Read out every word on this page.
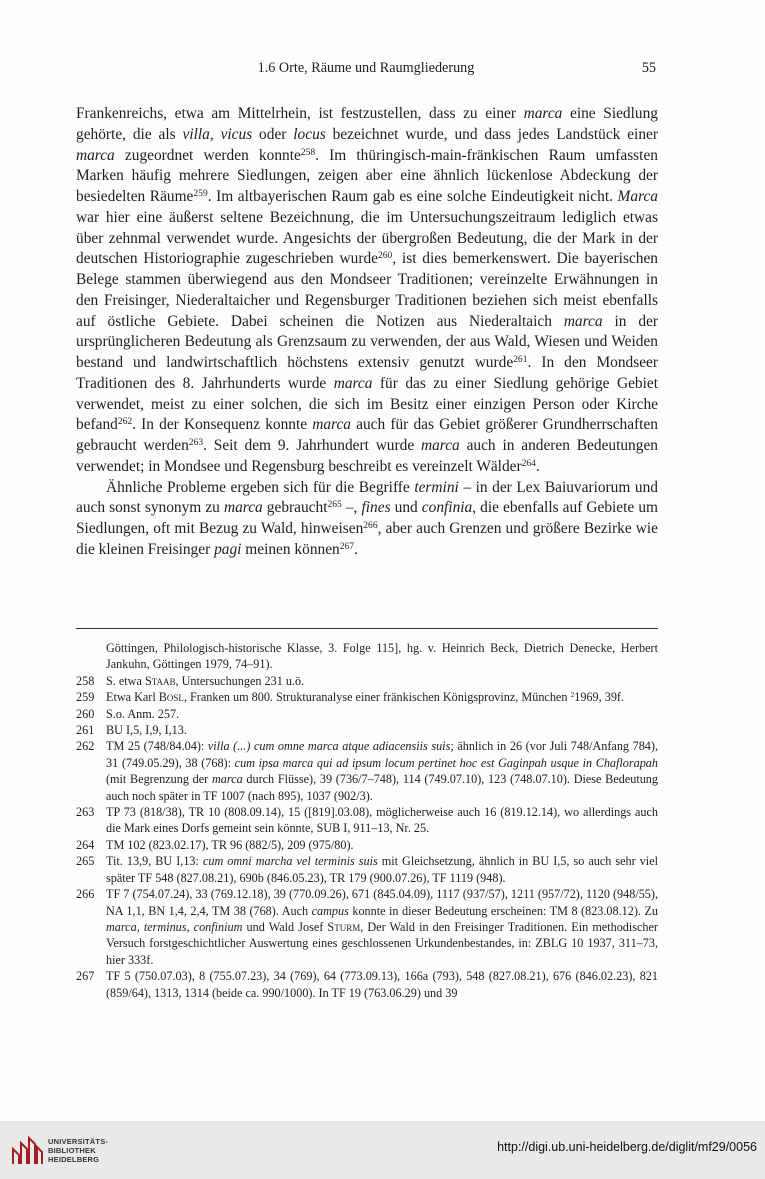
1.6 Orte, Räume und Raumgliederung	55

Frankenreichs, etwa am Mittelrhein, ist festzustellen, dass zu einer marca eine Siedlung gehörte, die als villa, vicus oder locus bezeichnet wurde, und dass jedes Landstück einer marca zugeordnet werden konnte$^{258}$. Im thüringisch-main-fränkischen Raum umfassten Marken häufig mehrere Siedlungen, zeigen aber eine ähnlich lückenlose Abdeckung der besiedelten Räume$^{259}$. Im altbayerischen Raum gab es eine solche Eindeutigkeit nicht. Marca war hier eine äußerst seltene Bezeichnung, die im Untersuchungszeitraum lediglich etwas über zehnmal verwendet wurde. Angesichts der übergroßen Bedeutung, die der Mark in der deutschen Historiographie zugeschrieben wurde$^{260}$, ist dies bemerkenswert. Die bayerischen Belege stammen überwiegend aus den Mondseer Traditionen; vereinzelte Erwähnungen in den Freisinger, Niederaltaicher und Regensburger Traditionen beziehen sich meist ebenfalls auf östliche Gebiete. Dabei scheinen die Notizen aus Niederaltaich marca in der ursprünglicheren Bedeutung als Grenzsaum zu verwenden, der aus Wald, Wiesen und Weiden bestand und landwirtschaftlich höchstens extensiv genutzt wurde$^{261}$. In den Mondseer Traditionen des 8. Jahrhunderts wurde marca für das zu einer Siedlung gehörige Gebiet verwendet, meist zu einer solchen, die sich im Besitz einer einzigen Person oder Kirche befand$^{262}$. In der Konsequenz konnte marca auch für das Gebiet größerer Grundherrschaften gebraucht werden$^{263}$. Seit dem 9. Jahrhundert wurde marca auch in anderen Bedeutungen verwendet; in Mondsee und Regensburg beschreibt es vereinzelt Wälder$^{264}$.

Ähnliche Probleme ergeben sich für die Begriffe termini – in der Lex Baiuvariorum und auch sonst synonym zu marca gebraucht$^{265}$ –, fines und confinia, die ebenfalls auf Gebiete um Siedlungen, oft mit Bezug zu Wald, hinweisen$^{266}$, aber auch Grenzen und größere Bezirke wie die kleinen Freisinger pagi meinen können$^{267}$.

Göttingen, Philologisch-historische Klasse, 3. Folge 115], hg. v. Heinrich Beck, Dietrich Denecke, Herbert Jankuhn, Göttingen 1979, 74–91).
258 S. etwa Staab, Untersuchungen 231 u.ö.
259 Etwa Karl Bosl, Franken um 800. Strukturanalyse einer fränkischen Königsprovinz, München $^2$1969, 39f.
260 S.o. Anm. 257.
261 BU I,5, I,9, I,13.
262 TM 25 (748/84.04): villa (...) cum omne marca atque adiacensiis suis; ähnlich in 26 (vor Juli 748/Anfang 784), 31 (749.05.29), 38 (768): cum ipsa marca qui ad ipsum locum pertinet hoc est Gaginpah usque in Chaflorapah (mit Begrenzung der marca durch Flüsse), 39 (736/7–748), 114 (749.07.10), 123 (748.07.10). Diese Bedeutung auch noch später in TF 1007 (nach 895), 1037 (902/3).
263 TP 73 (818/38), TR 10 (808.09.14), 15 ([819].03.08), möglicherweise auch 16 (819.12.14), wo allerdings auch die Mark eines Dorfs gemeint sein könnte, SUB I, 911–13, Nr. 25.
264 TM 102 (823.02.17), TR 96 (882/5), 209 (975/80).
265 Tit. 13,9, BU I,13: cum omni marcha vel terminis suis mit Gleichsetzung, ähnlich in BU I,5, so auch sehr viel später TF 548 (827.08.21), 690b (846.05.23), TR 179 (900.07.26), TF 1119 (948).
266 TF 7 (754.07.24), 33 (769.12.18), 39 (770.09.26), 671 (845.04.09), 1117 (937/57), 1211 (957/72), 1120 (948/55), NA 1,1, BN 1,4, 2,4, TM 38 (768). Auch campus konnte in dieser Bedeutung erscheinen: TM 8 (823.08.12). Zu marca, terminus, confinium und Wald Josef Sturm, Der Wald in den Freisinger Traditionen. Ein methodischer Versuch forstgeschichtlicher Auswertung eines geschlossenen Urkundenbestandes, in: ZBLG 10 1937, 311–73, hier 333f.
267 TF 5 (750.07.03), 8 (755.07.23), 34 (769), 64 (773.09.13), 166a (793), 548 (827.08.21), 676 (846.02.23), 821 (859/64), 1313, 1314 (beide ca. 990/1000). In TF 19 (763.06.29) und 39
UNIVERSITÄTS-
BIBLIOTHEK
HEIDELBERG
http://digi.ub.uni-heidelberg.de/diglit/mf29/0056
